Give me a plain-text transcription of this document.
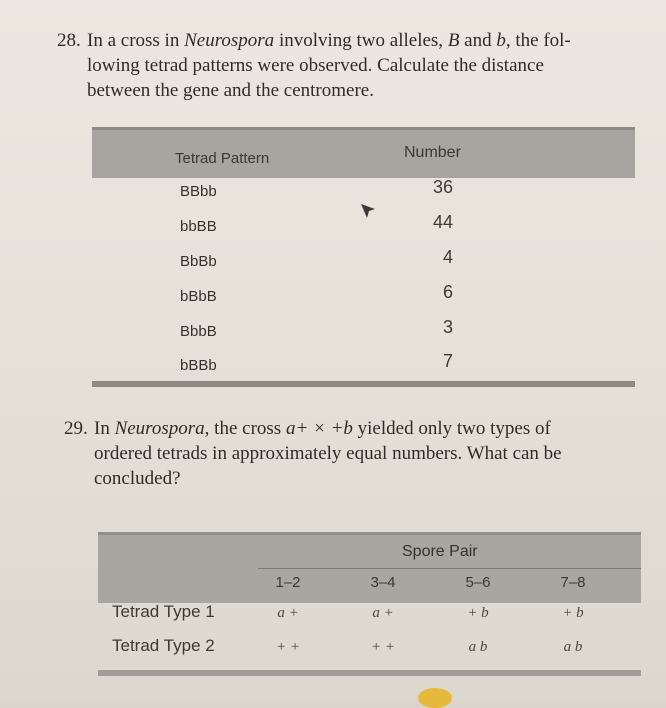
28. In a cross in Neurospora involving two alleles, B and b, the fol-
lowing tetrad patterns were observed. Calculate the distance
between the gene and the centromere.
Tetrad Pattern	Number
BBbb	36
bbBB	44
BbBb	4
bBbB	6
BbbB	3
bBBb	7
29. In Neurospora, the cross a+ × +b yielded only two types of
ordered tetrads in approximately equal numbers. What can be
concluded?
Spore Pair
1–2	3–4	5–6	7–8
Tetrad Type 1	a +	a +	+ b	+ b
Tetrad Type 2	+ +	+ +	a b	a b
